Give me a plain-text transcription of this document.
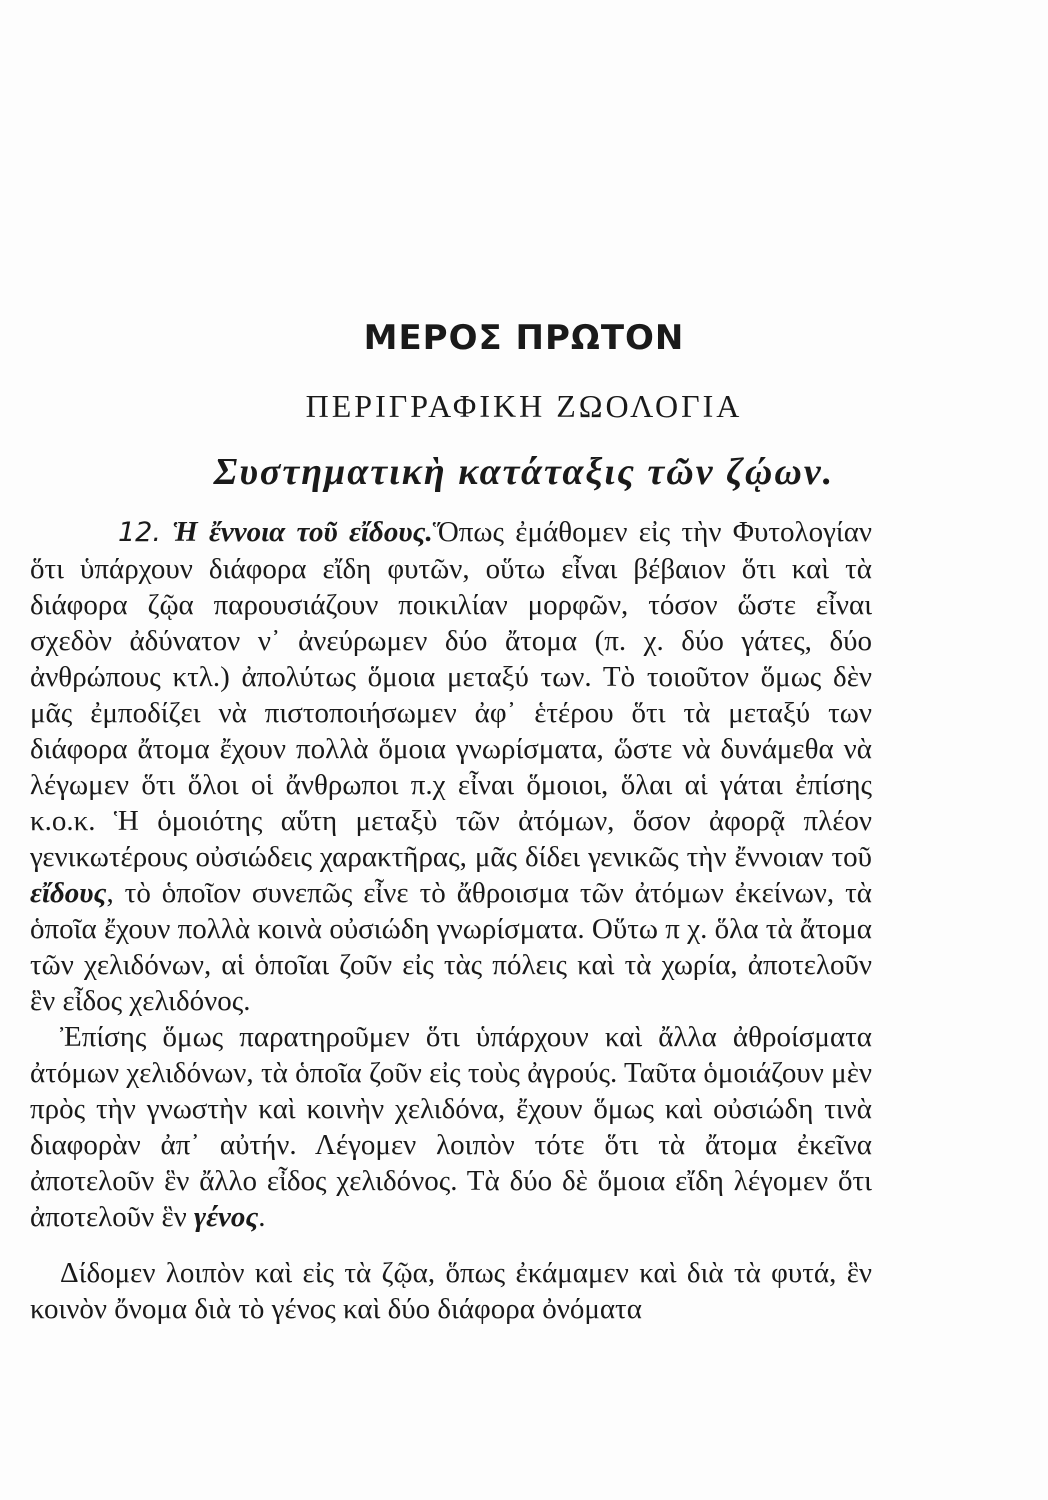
ΜΕΡΟΣ ΠΡΩΤΟΝ
ΠΕΡΙΓΡΑΦΙΚΗ ΖΩΟΛΟΓΙΑ
Συστηματικὴ κατάταξις τῶν ζῴων.

12. Ἡ ἔννοια τοῦ εἴδους.Ὅπως ἐμάθομεν εἰς τὴν Φυτολογίαν ὅτι ὑπάρχουν διάφορα εἴδη φυτῶν, οὕτω εἶναι βέβαιον ὅτι καὶ τὰ διάφορα ζῷα παρουσιάζουν ποικιλίαν μορφῶν, τόσον ὥστε εἶναι σχεδὸν ἀδύνατον ν᾽ ἀνεύρωμεν δύο ἄτομα (π. χ. δύο γάτες, δύο ἀνθρώπους κτλ.) ἀπολύτως ὅμοια μεταξύ των. Τὸ τοιοῦτον ὅμως δὲν μᾶς ἐμποδίζει νὰ πιστοποιήσωμεν ἀφ᾽ ἑτέρου ὅτι τὰ μεταξύ των διάφορα ἄτομα ἔχουν πολλὰ ὅμοια γνωρίσματα, ὥστε νὰ δυνάμεθα νὰ λέγωμεν ὅτι ὅλοι οἱ ἄνθρωποι π.χ εἶναι ὅμοιοι, ὅλαι αἱ γάται ἐπίσης κ.ο.κ. Ἡ ὁμοιότης αὕτη μεταξὺ τῶν ἀτόμων, ὅσον ἀφορᾷ πλέον γενικωτέρους οὐσιώδεις χαρακτῆρας, μᾶς δίδει γενικῶς τὴν ἔννοιαν τοῦ εἴδους, τὸ ὁποῖον συνεπῶς εἶνε τὸ ἄθροισμα τῶν ἀτόμων ἐκείνων, τὰ ὁποῖα ἔχουν πολλὰ κοινὰ οὐσιώδη γνωρίσματα. Οὕτω π χ. ὅλα τὰ ἄτομα τῶν χελιδόνων, αἱ ὁποῖαι ζοῦν εἰς τὰς πόλεις καὶ τὰ χωρία, ἀποτελοῦν ἓν εἶδος χελιδόνος.

Ἐπίσης ὅμως παρατηροῦμεν ὅτι ὑπάρχουν καὶ ἄλλα ἀθροίσματα ἀτόμων χελιδόνων, τὰ ὁποῖα ζοῦν εἰς τοὺς ἀγρούς. Ταῦτα ὁμοιάζουν μὲν πρὸς τὴν γνωστὴν καὶ κοινὴν χελιδόνα, ἔχουν ὅμως καὶ οὐσιώδη τινὰ διαφορὰν ἀπ᾽ αὐτήν. Λέγομεν λοιπὸν τότε ὅτι τὰ ἄτομα ἐκεῖνα ἀποτελοῦν ἓν ἄλλο εἶδος χελιδόνος. Τὰ δύο δὲ ὅμοια εἴδη λέγομεν ὅτι ἀποτελοῦν ἓν γένος.

Δίδομεν λοιπὸν καὶ εἰς τὰ ζῷα, ὅπως ἐκάμαμεν καὶ διὰ τὰ φυτά, ἓν κοινὸν ὄνομα διὰ τὸ γένος καὶ δύο διάφορα ὀνόματα
